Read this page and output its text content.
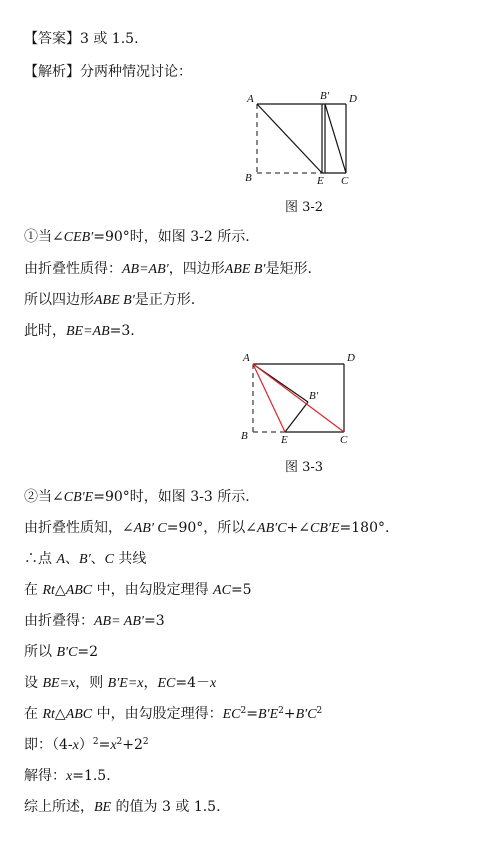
【答案】3 或 1.5.
【解析】分两种情况讨论：
A	B′ D
B	E C
图 3-2
①当∠CEB′=90°时，如图 3-2 所示.
由折叠性质得：AB=AB′，四边形ABE B′是矩形.
所以四边形ABE B′是正方形.
此时，BE=AB=3.
A	D
B′
B	E	C
图 3-3
②当∠CB′E=90°时，如图 3-3 所示.
由折叠性质知，∠AB′ C=90°，所以∠AB′C+∠CB′E=180°.
∴点 A、B′、C 共线
在 Rt△ABC 中，由勾股定理得 AC=5
由折叠得：AB= AB′=3
所以 B′C=2
设 BE=x，则 B′E=x，EC=4－x
在 Rt△ABC 中，由勾股定理得：$EC^2=B'E^2+B'C^2$
即：$(4-x)^2=x^2+2^2$
解得：x=1.5.
综上所述，BE 的值为 3 或 1.5.
